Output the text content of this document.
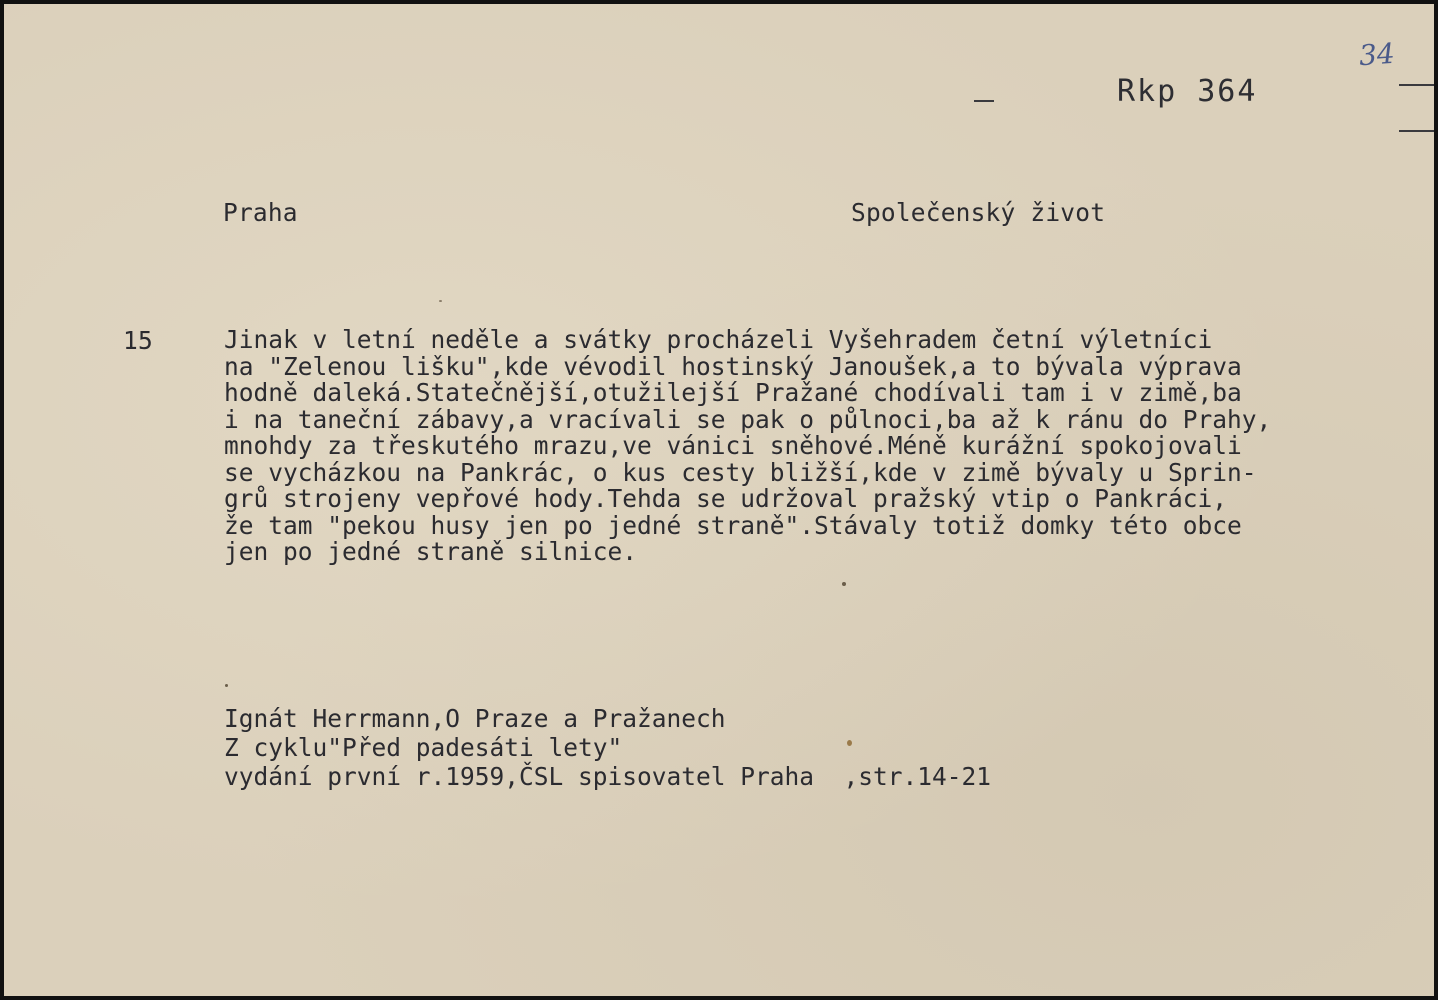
34
Rkp 364
Praha	Společenský život
15	Jinak v letní neděle a svátky procházeli Vyšehradem četní výletníci
na "Zelenou lišku",kde vévodil hostinský Janoušek,a to bývala výprava
hodně daleká.Statečnější,otužilejší Pražané chodívali tam i v zimě,ba
i na taneční zábavy,a vracívali se pak o půlnoci,ba až k ránu do Prahy,
mnohdy za třeskutého mrazu,ve vánici sněhové.Méně kurážní spokojovali
se vycházkou na Pankrác, o kus cesty bližší,kde v zimě bývaly u Sprin-
grů strojeny vepřové hody.Tehda se udržoval pražský vtip o Pankráci,
že tam "pekou husy jen po jedné straně".Stávaly totiž domky této obce
jen po jedné straně silnice.
Ignát Herrmann,O Praze a Pražanech
Z cyklu"Před padesáti lety"
vydání první r.1959,ČSL spisovatel Praha  ,str.14-21
